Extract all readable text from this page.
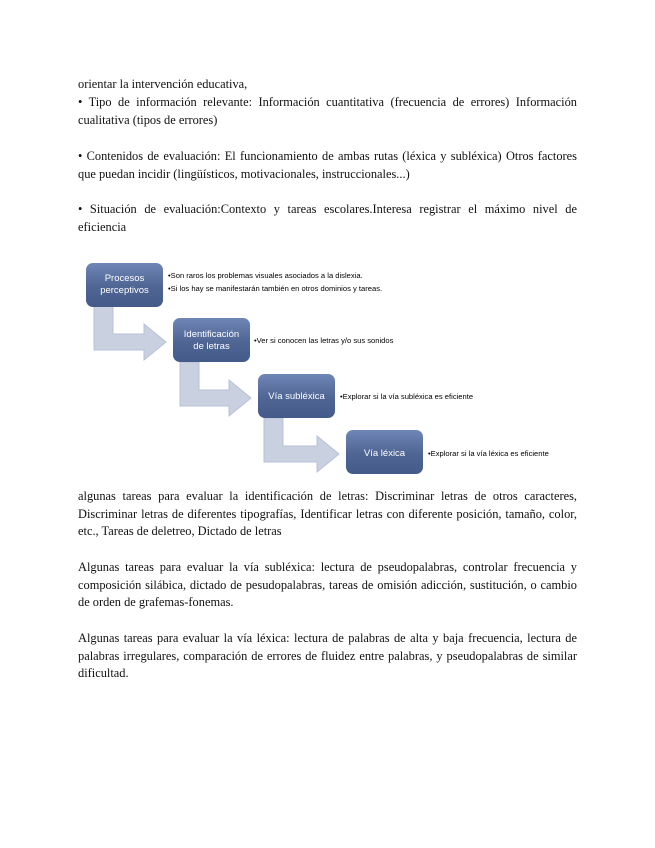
orientar la intervención educativa,

• Tipo de información relevante: Información cuantitativa (frecuencia de errores) Información cualitativa (tipos de errores)

• Contenidos de evaluación: El funcionamiento de ambas rutas (léxica y subléxica) Otros factores que puedan incidir (lingüísticos, motivacionales, instruccionales...)

• Situación de evaluación:Contexto y tareas escolares.Interesa registrar el máximo nivel de eficiencia

Procesos
perceptivos
•Son raros los problemas visuales asociados a la dislexia.
•Si los hay se manifestarán también en otros dominios y tareas.
Identificación
de letras
•Ver si conocen las letras y/o sus sonidos
Vía subléxica •Explorar si la vía subléxica es eficiente
Vía léxica	•Explorar si la vía léxica es eficiente

algunas tareas para evaluar la identificación de letras: Discriminar letras de otros caracteres, Discriminar letras de diferentes tipografías, Identificar letras con diferente posición, tamaño, color, etc., Tareas de deletreo, Dictado de letras

Algunas tareas para evaluar la vía subléxica: lectura de pseudopalabras, controlar frecuencia y composición silábica, dictado de pesudopalabras, tareas de omisión adicción, sustitución, o cambio de orden de grafemas-fonemas.

Algunas tareas para evaluar la vía léxica: lectura de palabras de alta y baja frecuencia, lectura de palabras irregulares, comparación de errores de fluidez entre palabras, y pseudopalabras de similar dificultad.
